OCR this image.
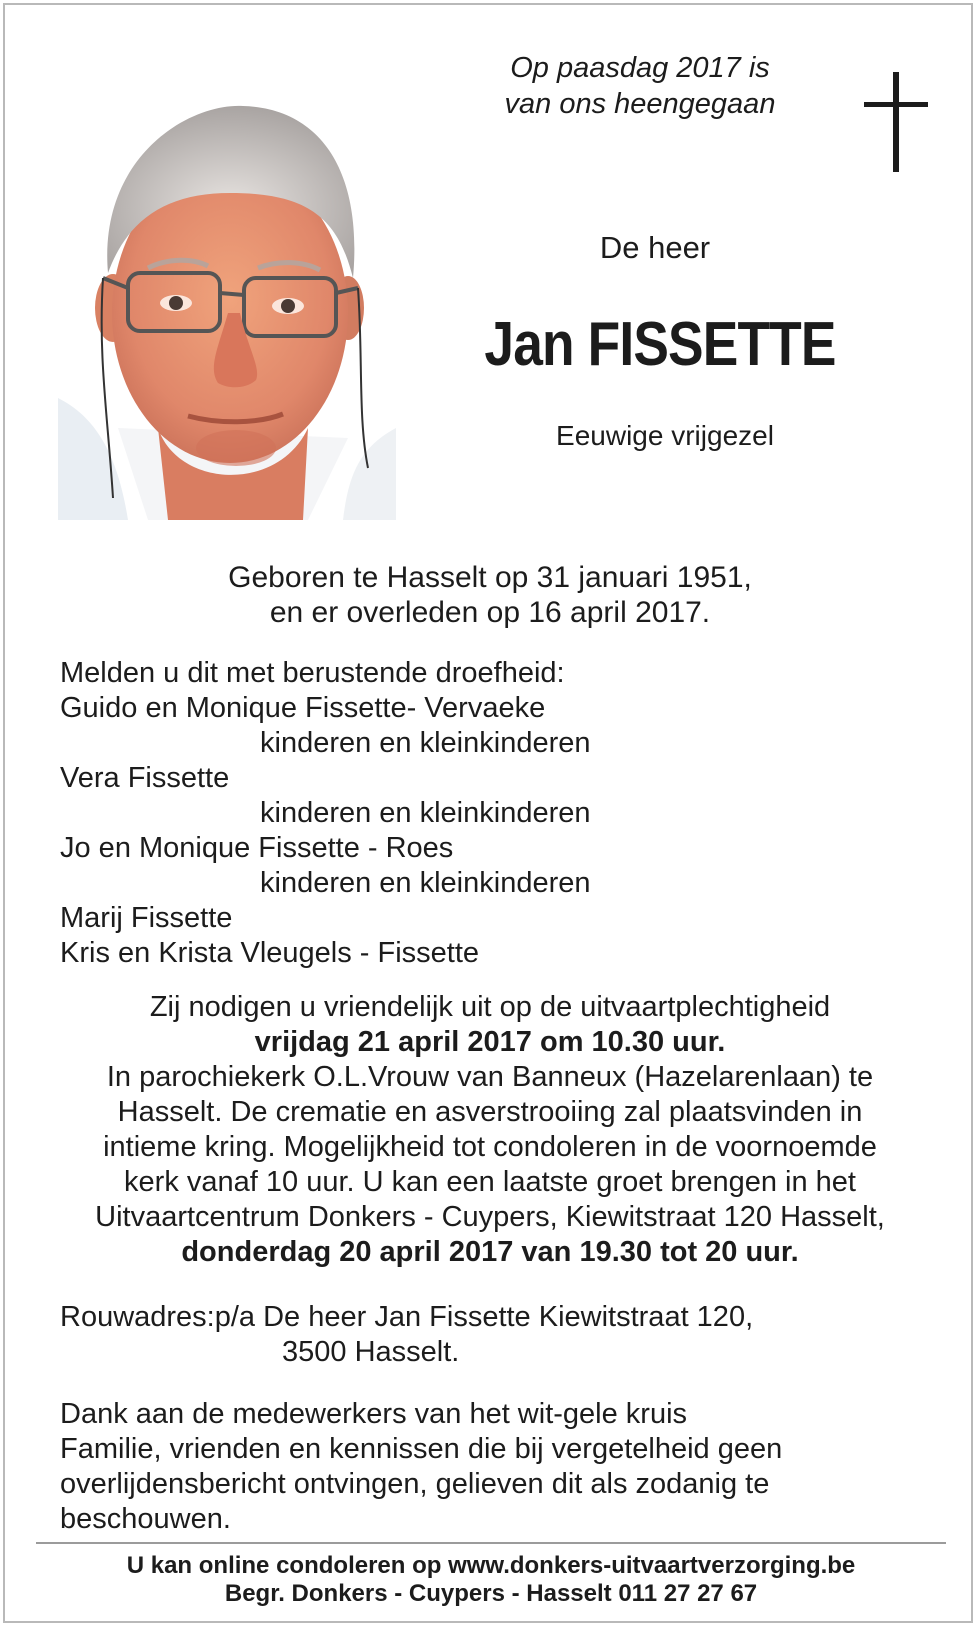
Op paasdag 2017 is
van ons heengegaan
De heer
Jan FISSETTE
Eeuwige vrijgezel
Geboren te Hasselt op 31 januari 1951,
en er overleden op 16 april 2017.
Melden u dit met berustende droefheid:
Guido en Monique Fissette- Vervaeke
kinderen en kleinkinderen
Vera Fissette
kinderen en kleinkinderen
Jo en Monique Fissette - Roes
kinderen en kleinkinderen
Marij Fissette
Kris en Krista Vleugels - Fissette
Zij nodigen u vriendelijk uit op de uitvaartplechtigheid
vrijdag 21 april 2017 om 10.30 uur.
In parochiekerk O.L.Vrouw van Banneux (Hazelarenlaan) te
Hasselt. De crematie en asverstrooiing zal plaatsvinden in
intieme kring. Mogelijkheid tot condoleren in de voornoemde
kerk vanaf 10 uur. U kan een laatste groet brengen in het
Uitvaartcentrum Donkers - Cuypers, Kiewitstraat 120 Hasselt,
donderdag 20 april 2017 van 19.30 tot 20 uur.
Rouwadres:p/a De heer Jan Fissette Kiewitstraat 120,
3500 Hasselt.
Dank aan de medewerkers van het wit-gele kruis
Familie, vrienden en kennissen die bij vergetelheid geen
overlijdensbericht ontvingen, gelieven dit als zodanig te
beschouwen.
U kan online condoleren op www.donkers-uitvaartverzorging.be
Begr. Donkers - Cuypers - Hasselt 011 27 27 67
